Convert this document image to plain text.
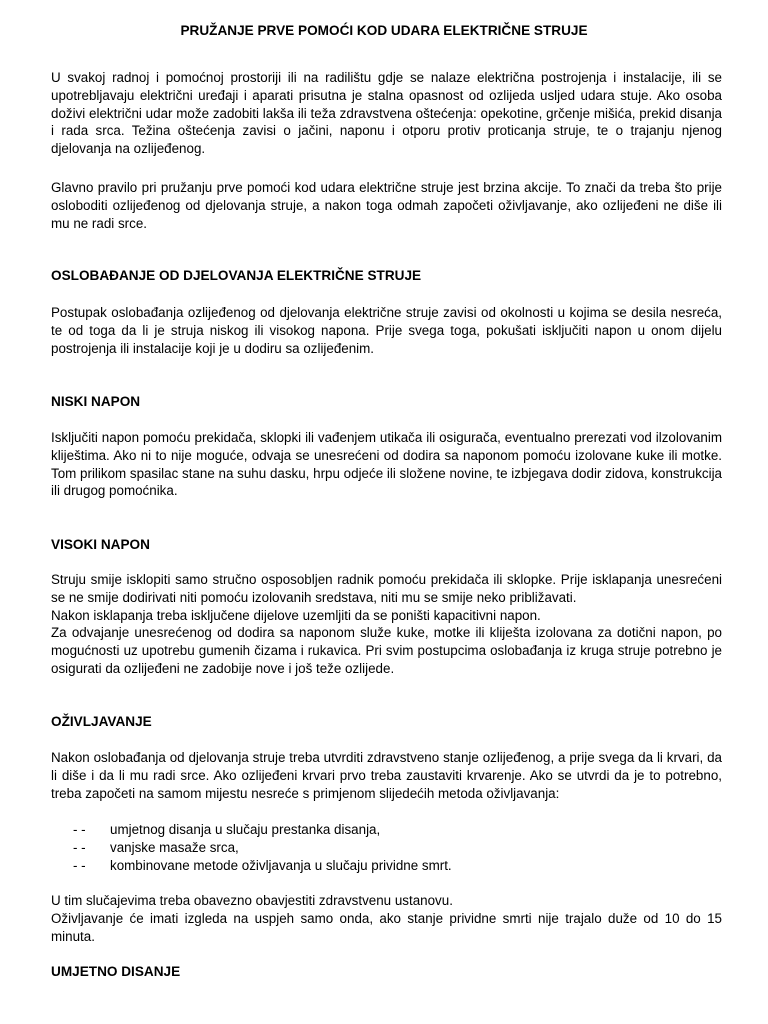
PRUŽANJE PRVE POMOĆI KOD UDARA ELEKTRIČNE STRUJE

U svakoj radnoj i pomoćnoj prostoriji ili na radilištu gdje se nalaze električna postrojenja i instalacije, ili se upotrebljavaju električni uređaji i aparati prisutna je stalna opasnost od ozlijeda usljed udara stuje. Ako osoba doživi električni udar može zadobiti lakša ili teža zdravstvena oštećenja: opekotine, grčenje mišića, prekid disanja i rada srca. Težina oštećenja zavisi o jačini, naponu i otporu protiv proticanja struje, te o trajanju njenog djelovanja na ozlijeđenog.

Glavno pravilo pri pružanju prve pomoći kod udara električne struje jest brzina akcije. To znači da treba što prije osloboditi ozlijeđenog od djelovanja struje, a nakon toga odmah započeti oživljavanje, ako ozlijeđeni ne diše ili mu ne radi srce.

OSLOBAĐANJE OD DJELOVANJA ELEKTRIČNE STRUJE

Postupak oslobađanja ozlijeđenog od djelovanja električne struje zavisi od okolnosti u kojima se desila nesreća, te od toga da li je struja niskog ili visokog napona. Prije svega toga, pokušati isključiti napon u onom dijelu postrojenja ili instalacije koji je u dodiru sa ozlijeđenim.

NISKI NAPON

Isključiti napon pomoću prekidača, sklopki ili vađenjem utikača ili osigurača, eventualno prerezati vod ilzolovanim kliještima. Ako ni to nije moguće, odvaja se unesrećeni od dodira sa naponom pomoću izolovane kuke ili motke. Tom prilikom spasilac stane na suhu dasku, hrpu odjeće ili složene novine, te izbjegava dodir zidova, konstrukcija ili drugog pomoćnika.

VISOKI NAPON

Struju smije isklopiti samo stručno osposobljen radnik pomoću prekidača ili sklopke. Prije isklapanja unesrećeni se ne smije dodirivati niti pomoću izolovanih sredstava, niti mu se smije neko približavati.

Nakon isklapanja treba isključene dijelove uzemljiti da se poništi kapacitivni napon.

Za odvajanje unesrećenog od dodira sa naponom služe kuke, motke ili kliješta izolovana za dotični napon, po mogućnosti uz upotrebu gumenih čizama i rukavica. Pri svim postupcima oslobađanja iz kruga struje potrebno je osigurati da ozlijeđeni ne zadobije nove i još teže ozlijede.

OŽIVLJAVANJE

Nakon oslobađanja od djelovanja struje treba utvrditi zdravstveno stanje ozlijeđenog, a prije svega da li krvari, da li diše i da li mu radi srce. Ako ozlijeđeni krvari prvo treba zaustaviti krvarenje. Ako se utvrdi da je to potrebno, treba započeti na samom mijestu nesreće s primjenom slijedećih metoda oživljavanja:

- - umjetnog disanja u slučaju prestanka disanja,
- - vanjske masaže srca,
- - kombinovane metode oživljavanja u slučaju prividne smrt.

U tim slučajevima treba obavezno obavjestiti zdravstvenu ustanovu.

Oživljavanje će imati izgleda na uspjeh samo onda, ako stanje prividne smrti nije trajalo duže od 10 do 15 minuta.

UMJETNO DISANJE
